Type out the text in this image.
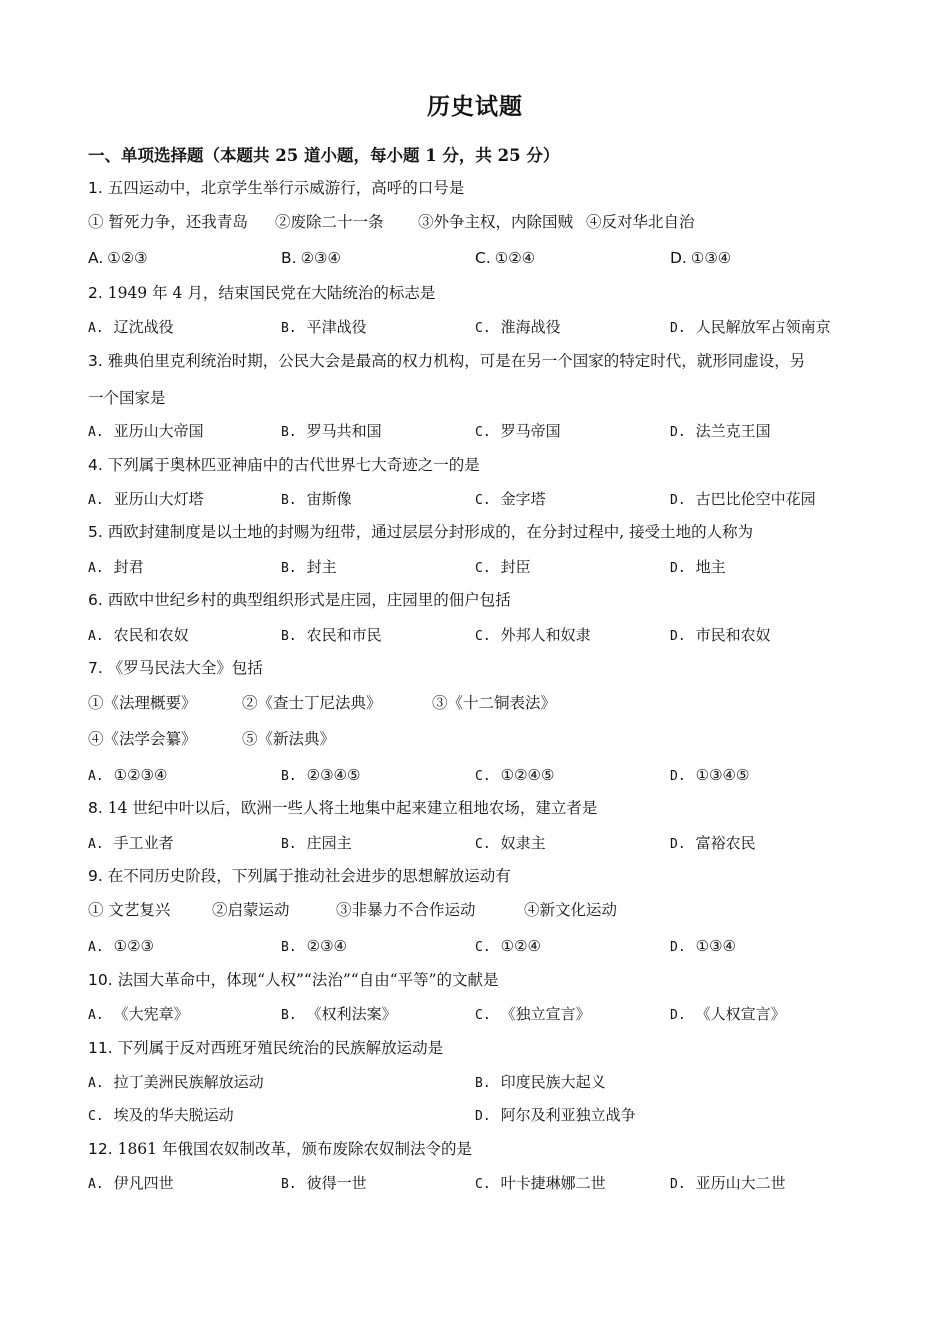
历史试题
一、单项选择题（本题共 25 道小题，每小题 1 分，共 25 分）
1. 五四运动中，北京学生举行示威游行，高呼的口号是
① 暂死力争，还我青岛 ②废除二十一条 ③外争主权，内除国贼 ④反对华北自治
A. ①②③	B. ②③④	C. ①②④	D. ①③④
2. 1949 年 4 月，结束国民党在大陆统治的标志是
A. 辽沈战役	B. 平津战役	C. 淮海战役	D. 人民解放军占领南京
3. 雅典伯里克利统治时期，公民大会是最高的权力机构，可是在另一个国家的特定时代，就形同虚设，另
一个国家是
A. 亚历山大帝国	B. 罗马共和国	C. 罗马帝国	D. 法兰克王国
4. 下列属于奥林匹亚神庙中的古代世界七大奇迹之一的是
A. 亚历山大灯塔	B. 宙斯像	C. 金字塔	D. 古巴比伦空中花园
5. 西欧封建制度是以土地的封赐为纽带，通过层层分封形成的，在分封过程中, 接受土地的人称为
A. 封君	B. 封主	C. 封臣	D. 地主
6. 西欧中世纪乡村的典型组织形式是庄园，庄园里的佃户包括
A. 农民和农奴	B. 农民和市民	C. 外邦人和奴隶	D. 市民和农奴
7. 《罗马民法大全》包括
①《法理概要》	②《查士丁尼法典》	③《十二铜表法》
④《法学会纂》	⑤《新法典》
A. ①②③④	B. ②③④⑤	C. ①②④⑤	D. ①③④⑤
8. 14 世纪中叶以后，欧洲一些人将土地集中起来建立租地农场，建立者是
A. 手工业者	B. 庄园主	C. 奴隶主	D. 富裕农民
9. 在不同历史阶段，下列属于推动社会进步的思想解放运动有
① 文艺复兴	②启蒙运动	③非暴力不合作运动	④新文化运动
A. ①②③	B. ②③④	C. ①②④	D. ①③④
10. 法国大革命中，体现“人权”“法治”“自由“平等”的文献是
A. 《大宪章》	B. 《权利法案》	C. 《独立宣言》	D. 《人权宣言》
11. 下列属于反对西班牙殖民统治的民族解放运动是
A. 拉丁美洲民族解放运动	B. 印度民族大起义
C. 埃及的华夫脱运动	D. 阿尔及利亚独立战争
12. 1861 年俄国农奴制改革，颁布废除农奴制法令的是
A. 伊凡四世	B. 彼得一世	C. 叶卡捷琳娜二世	D. 亚历山大二世
